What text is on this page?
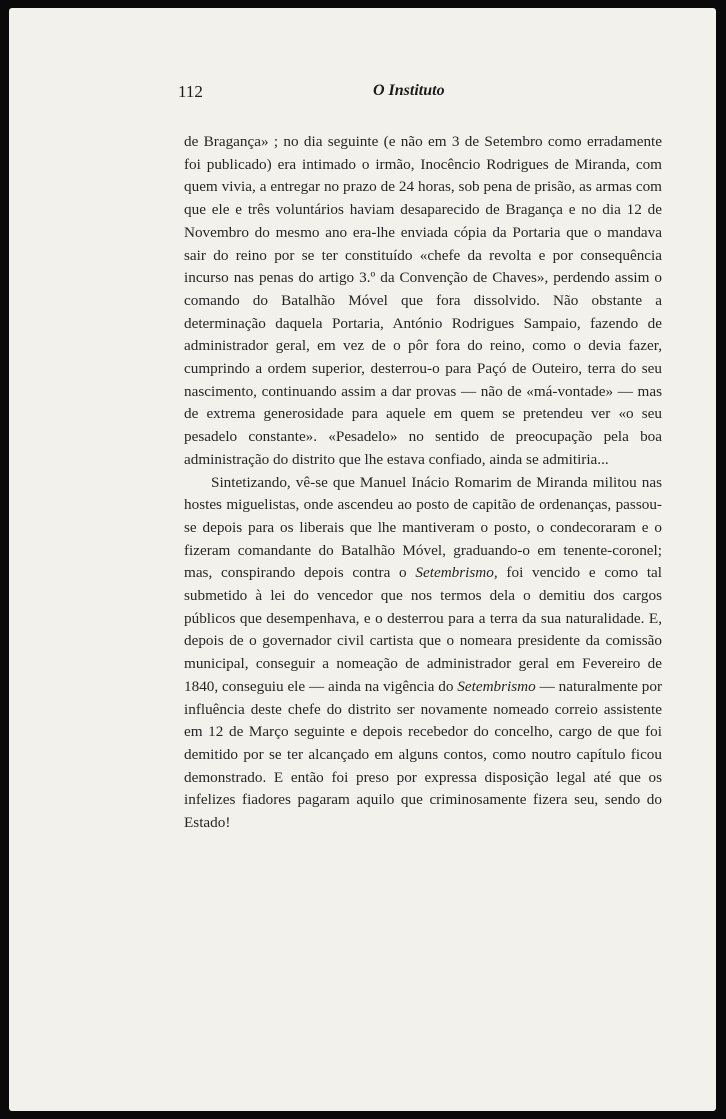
112	O Instituto

de Bragança» ; no dia seguinte (e não em 3 de Setembro como erradamente foi publicado) era intimado o irmão, Inocêncio Rodrigues de Miranda, com quem vivia, a entregar no prazo de 24 horas, sob pena de prisão, as armas com que ele e três voluntários haviam desaparecido de Bragança e no dia 12 de Novembro do mesmo ano era-lhe enviada cópia da Portaria que o mandava sair do reino por se ter constituído «chefe da revolta e por consequência incurso nas penas do artigo 3.º da Convenção de Chaves», perdendo assim o comando do Batalhão Móvel que fora dissolvido. Não obstante a determinação daquela Portaria, António Rodrigues Sampaio, fazendo de administrador geral, em vez de o pôr fora do reino, como o devia fazer, cumprindo a ordem superior, desterrou-o para Paçó de Outeiro, terra do seu nascimento, continuando assim a dar provas — não de «má-vontade» — mas de extrema generosidade para aquele em quem se pretendeu ver «o seu pesadelo constante». «Pesadelo» no sentido de preocupação pela boa administração do distrito que lhe estava confiado, ainda se admitiria...

Sintetizando, vê-se que Manuel Inácio Romarim de Miranda militou nas hostes miguelistas, onde ascendeu ao posto de capitão de ordenanças, passou-se depois para os liberais que lhe mantiveram o posto, o condecoraram e o fizeram comandante do Batalhão Móvel, graduando-o em tenente-coronel; mas, conspirando depois contra o Setembrismo, foi vencido e como tal submetido à lei do vencedor que nos termos dela o demitiu dos cargos públicos que desempenhava, e o desterrou para a terra da sua naturalidade. E, depois de o governador civil cartista que o nomeara presidente da comissão municipal, conseguir a nomeação de administrador geral em Fevereiro de 1840, conseguiu ele — ainda na vigência do Setembrismo — naturalmente por influência deste chefe do distrito ser novamente nomeado correio assistente em 12 de Março seguinte e depois recebedor do concelho, cargo de que foi demitido por se ter alcançado em alguns contos, como noutro capítulo ficou demonstrado. E então foi preso por expressa disposição legal até que os infelizes fiadores pagaram aquilo que criminosamente fizera seu, sendo do Estado!
